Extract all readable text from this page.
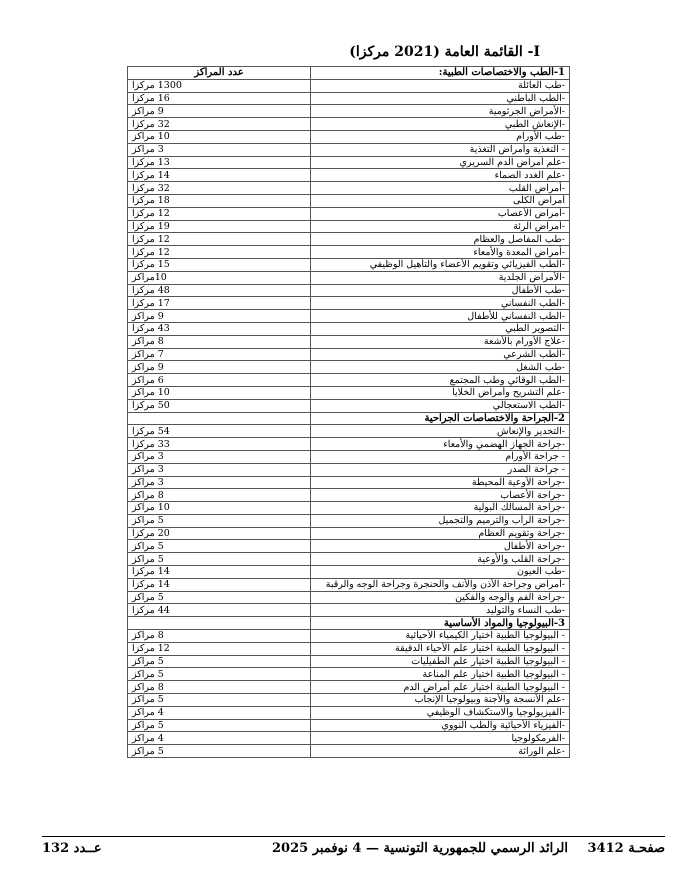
I- القائمة العامة (2021 مركزا)
1-الطب والاختصاصات الطبية:	عدد المراكز
-طب العائلة	1300 مركزا
-الطب الباطني	16 مركزا
-الأمراض الجرثومية	9 مراكز
-الإنعاش الطبي	32 مركزا
-طب الأورام	10 مراكز
- التغذية وأمراض التغذية	3 مراكز
-علم أمراض الدم السريري	13 مركزا
-علم الغدد الصماء	14 مركزا
-أمراض القلب	32 مركزا
أمراض الكلى	18 مركزا
-أمراض الأعصاب	12 مركزا
-أمراض الرئة	19 مركزا
-طب المفاصل والعظام	12 مركزا
-أمراض المعدة والأمعاء	12 مركزا
-الطب الفيزيائي وتقويم الأعضاء والتأهيل الوظيفي	15 مركزا
-الأمراض الجلدية	10مراكز
-طب الأطفال	48 مركزا
-الطب النفساني	17 مركزا
-الطب النفساني للأطفال	9 مراكز
-التصوير الطبي	43 مركزا
-علاج الأورام بالأشعة	8 مراكز
-الطب الشرعي	7 مراكز
-طب الشغل	9 مراكز
-الطب الوقائي وطب المجتمع	6 مراكز
-علم التشريح وأمراض الخلايا	10 مراكز
-الطب الاستعجالي	50 مركزا
2-الجراحة والاختصاصات الجراحية	
-التخدير والإنعاش	54 مركزا
-جراحة الجهاز الهضمي والأمعاء	33 مركزا
- جراحة الأورام	3 مراكز
- جراحة الصدر	3 مراكز
-جراحة الأوعية المحيطة	3 مراكز
-جراحة الأعصاب	8 مراكز
-جراحة المسالك البولية	10 مراكز
-جراحة الرأب والترميم والتجميل	5 مراكز
-جراحة وتقويم العظام	20 مركزا
-جراحة الأطفال	5 مراكز
-جراحة القلب والأوعية	5 مراكز
-طب العيون	14 مركزا
-أمراض وجراحة الأذن والأنف والحنجرة وجراحة الوجه والرقبة	14 مركزا
-جراحة الفم والوجه والفكين	5 مراكز
-طب النساء والتوليد	44 مركزا
3-البيولوجيا والمواد الأساسية	
- البيولوجيا الطبية اختيار الكيمياء الأحيائية	8 مراكز
- البيولوجيا الطبية اختيار علم الأحياء الدقيقة	12 مركزا
- البيولوجيا الطبية اختيار علم الطفيليات	5 مراكز
- البيولوجيا الطبية اختيار علم المناعة	5 مراكز
- البيولوجيا الطبية اختيار علم أمراض الدم	8 مراكز
-علم الأنسجة والأجنة وبيولوجيا الإنجاب	5 مراكز
-الفيزيولوجيا والاستكشاف الوظيفي	4 مراكز
-الفيزياء الأحيائية والطب النووي	5 مراكز
-الفرمكولوجيا	4 مراكز
-علم الوراثة	5 مراكز
صفحـة 3412
الرائد الرسمي للجمهورية التونسية — 4 نوفمبر 2025
عــدد 132
